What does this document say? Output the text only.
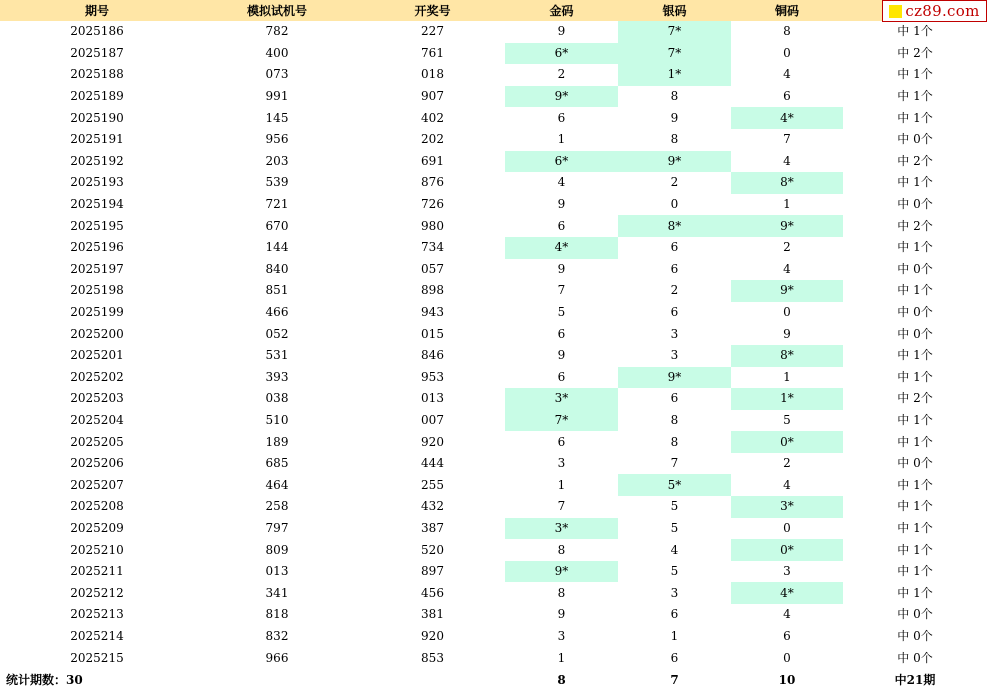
期号	模拟试机号	开奖号	金码	银码	铜码	
2025186	782	227	9	7*	8	中 1个
2025187	400	761	6*	7*	0	中 2个
2025188	073	018	2	1*	4	中 1个
2025189	991	907	9*	8	6	中 1个
2025190	145	402	6	9	4*	中 1个
2025191	956	202	1	8	7	中 0个
2025192	203	691	6*	9*	4	中 2个
2025193	539	876	4	2	8*	中 1个
2025194	721	726	9	0	1	中 0个
2025195	670	980	6	8*	9*	中 2个
2025196	144	734	4*	6	2	中 1个
2025197	840	057	9	6	4	中 0个
2025198	851	898	7	2	9*	中 1个
2025199	466	943	5	6	0	中 0个
2025200	052	015	6	3	9	中 0个
2025201	531	846	9	3	8*	中 1个
2025202	393	953	6	9*	1	中 1个
2025203	038	013	3*	6	1*	中 2个
2025204	510	007	7*	8	5	中 1个
2025205	189	920	6	8	0*	中 1个
2025206	685	444	3	7	2	中 0个
2025207	464	255	1	5*	4	中 1个
2025208	258	432	7	5	3*	中 1个
2025209	797	387	3*	5	0	中 1个
2025210	809	520	8	4	0*	中 1个
2025211	013	897	9*	5	3	中 1个
2025212	341	456	8	3	4*	中 1个
2025213	818	381	9	6	4	中 0个
2025214	832	920	3	1	6	中 0个
2025215	966	853	1	6	0	中 0个
统计期数：30			8	7	10	中21期
cz89.com
